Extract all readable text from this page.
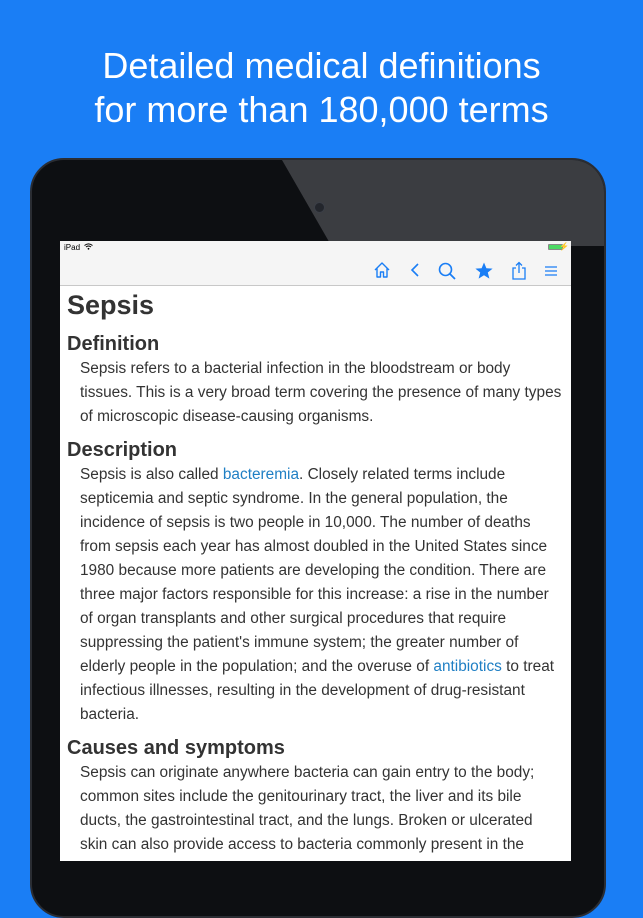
Detailed medical definitions
for more than 180,000 terms
iPad	⚡
Sepsis
Definition

Sepsis refers to a bacterial infection in the bloodstream or body tissues. This is a very broad term covering the presence of many types of microscopic disease-causing organisms.

Description

Sepsis is also called bacteremia. Closely related terms include septicemia and septic syndrome. In the general population, the incidence of sepsis is two people in 10,000. The number of deaths from sepsis each year has almost doubled in the United States since 1980 because more patients are developing the condition. There are three major factors responsible for this increase: a rise in the number of organ transplants and other surgical procedures that require suppressing the patient's immune system; the greater number of elderly people in the population; and the overuse of antibiotics to treat infectious illnesses, resulting in the development of drug-resistant bacteria.

Causes and symptoms

Sepsis can originate anywhere bacteria can gain entry to the body; common sites include the genitourinary tract, the liver and its bile ducts, the gastrointestinal tract, and the lungs. Broken or ulcerated skin can also provide access to bacteria commonly present in the
